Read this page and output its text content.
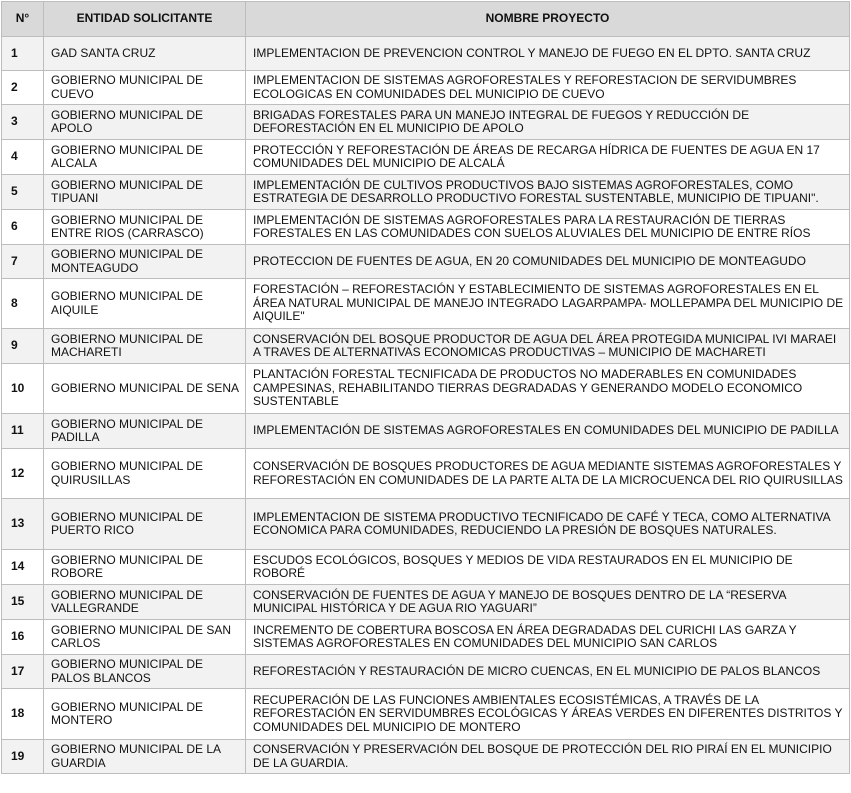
N°	ENTIDAD SOLICITANTE	NOMBRE PROYECTO

1	GAD SANTA CRUZ	IMPLEMENTACION DE PREVENCION CONTROL Y MANEJO DE FUEGO EN EL DPTO. SANTA CRUZ

2	GOBIERNO MUNICIPAL DE CUEVO	IMPLEMENTACION DE SISTEMAS AGROFORESTALES Y REFORESTACION DE SERVIDUMBRES ECOLOGICAS EN COMUNIDADES DEL MUNICIPIO DE CUEVO

3	GOBIERNO MUNICIPAL DE APOLO	BRIGADAS FORESTALES PARA UN MANEJO INTEGRAL DE FUEGOS Y REDUCCIÓN DE DEFORESTACIÓN EN EL MUNICIPIO DE APOLO

4	GOBIERNO MUNICIPAL DE ALCALA	PROTECCIÓN Y REFORESTACIÓN DE ÁREAS DE RECARGA HÍDRICA DE FUENTES DE AGUA EN 17 COMUNIDADES DEL MUNICIPIO DE ALCALÁ

5	GOBIERNO MUNICIPAL DE TIPUANI	IMPLEMENTACIÓN DE CULTIVOS PRODUCTIVOS BAJO SISTEMAS AGROFORESTALES, COMO ESTRATEGIA DE DESARROLLO PRODUCTIVO FORESTAL SUSTENTABLE, MUNICIPIO DE TIPUANI".

6	GOBIERNO MUNICIPAL DE ENTRE RIOS (CARRASCO)	IMPLEMENTACIÓN DE SISTEMAS AGROFORESTALES PARA LA RESTAURACIÓN DE TIERRAS FORESTALES EN LAS COMUNIDADES CON SUELOS ALUVIALES DEL MUNICIPIO DE ENTRE RÍOS

7	GOBIERNO MUNICIPAL DE MONTEAGUDO	PROTECCION DE FUENTES DE AGUA, EN 20 COMUNIDADES DEL MUNICIPIO DE MONTEAGUDO

8	GOBIERNO MUNICIPAL DE AIQUILE	FORESTACIÓN – REFORESTACIÓN Y ESTABLECIMIENTO DE SISTEMAS AGROFORESTALES EN EL ÁREA NATURAL MUNICIPAL DE MANEJO INTEGRADO LAGARPAMPA- MOLLEPAMPA DEL MUNICIPIO DE AIQUILE"

9	GOBIERNO MUNICIPAL DE MACHARETI	CONSERVACIÓN DEL BOSQUE PRODUCTOR DE AGUA DEL ÁREA PROTEGIDA MUNICIPAL IVI MARAEI A TRAVES DE ALTERNATIVAS ECONOMICAS PRODUCTIVAS – MUNICIPIO DE MACHARETI

10	GOBIERNO MUNICIPAL DE SENA	PLANTACIÓN FORESTAL TECNIFICADA DE PRODUCTOS NO MADERABLES EN COMUNIDADES CAMPESINAS, REHABILITANDO TIERRAS DEGRADADAS Y GENERANDO MODELO ECONOMICO SUSTENTABLE

11	GOBIERNO MUNICIPAL DE PADILLA	IMPLEMENTACIÓN DE SISTEMAS AGROFORESTALES EN COMUNIDADES DEL MUNICIPIO DE PADILLA

12	GOBIERNO MUNICIPAL DE QUIRUSILLAS	CONSERVACIÓN DE BOSQUES PRODUCTORES DE AGUA MEDIANTE SISTEMAS AGROFORESTALES Y REFORESTACIÓN EN COMUNIDADES DE LA PARTE ALTA DE LA MICROCUENCA DEL RIO QUIRUSILLAS

13	GOBIERNO MUNICIPAL DE PUERTO RICO	IMPLEMENTACION DE SISTEMA PRODUCTIVO TECNIFICADO DE CAFÉ Y TECA, COMO ALTERNATIVA ECONOMICA PARA COMUNIDADES, REDUCIENDO LA PRESIÓN DE BOSQUES NATURALES.

14	GOBIERNO MUNICIPAL DE ROBORE	ESCUDOS ECOLÓGICOS, BOSQUES Y MEDIOS DE VIDA RESTAURADOS EN EL MUNICIPIO DE ROBORÉ

15	GOBIERNO MUNICIPAL DE VALLEGRANDE	CONSERVACIÓN DE FUENTES DE AGUA Y MANEJO DE BOSQUES DENTRO DE LA “RESERVA MUNICIPAL HISTÓRICA Y DE AGUA RIO YAGUARI”

16	GOBIERNO MUNICIPAL DE SAN CARLOS	INCREMENTO DE COBERTURA BOSCOSA EN ÁREA DEGRADADAS DEL CURICHI LAS GARZA Y SISTEMAS AGROFORESTALES EN COMUNIDADES DEL MUNICIPIO SAN CARLOS

17	GOBIERNO MUNICIPAL DE PALOS BLANCOS	REFORESTACIÓN Y RESTAURACIÓN DE MICRO CUENCAS, EN EL MUNICIPIO DE PALOS BLANCOS

18	GOBIERNO MUNICIPAL DE MONTERO	RECUPERACIÓN DE LAS FUNCIONES AMBIENTALES ECOSISTÉMICAS, A TRAVÉS DE LA REFORESTACIÓN EN SERVIDUMBRES ECOLÓGICAS Y ÁREAS VERDES EN DIFERENTES DISTRITOS Y COMUNIDADES DEL MUNICIPIO DE MONTERO

19	GOBIERNO MUNICIPAL DE LA GUARDIA	CONSERVACIÓN Y PRESERVACIÓN DEL BOSQUE DE PROTECCIÓN DEL RIO PIRAÍ EN EL MUNICIPIO DE LA GUARDIA.
